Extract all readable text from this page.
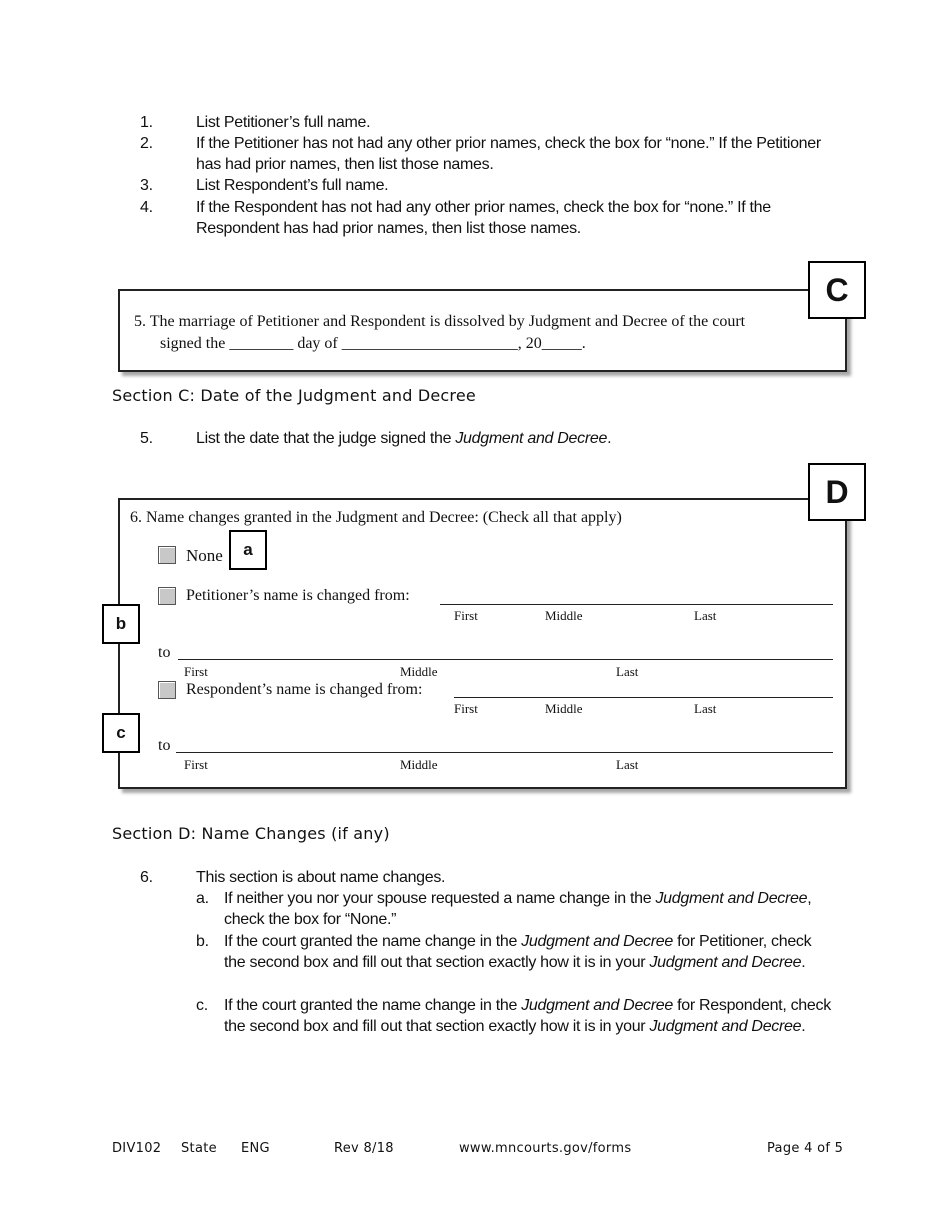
1.	List Petitioner’s full name.
2.	If the Petitioner has not had any other prior names, check the box for “none.” If the Petitioner has had prior names, then list those names.
3.	List Respondent’s full name.
4.	If the Respondent has not had any other prior names, check the box for “none.” If the Respondent has had prior names, then list those names.
5. The marriage of Petitioner and Respondent is dissolved by Judgment and Decree of the court
signed the ________ day of ______________________, 20_____.
C
Section C: Date of the Judgment and Decree
5.	List the date that the judge signed the Judgment and Decree.
6. Name changes granted in the Judgment and Decree: (Check all that apply)
None
Petitioner’s name is changed from:
First	Middle	Last
to
First	Middle	Last
Respondent’s name is changed from:
First	Middle	Last
to
First	Middle	Last
D
a
b
c
Section D: Name Changes (if any)
6.	This section is about name changes.
a. If neither you nor your spouse requested a name change in the Judgment and Decree, check the box for “None.”
b. If the court granted the name change in the Judgment and Decree for Petitioner, check the second box and fill out that section exactly how it is in your Judgment and Decree.
c. If the court granted the name change in the Judgment and Decree for Respondent, check the second box and fill out that section exactly how it is in your Judgment and Decree.
DIV102 State ENG	Rev 8/18	www.mncourts.gov/forms	Page 4 of 5
